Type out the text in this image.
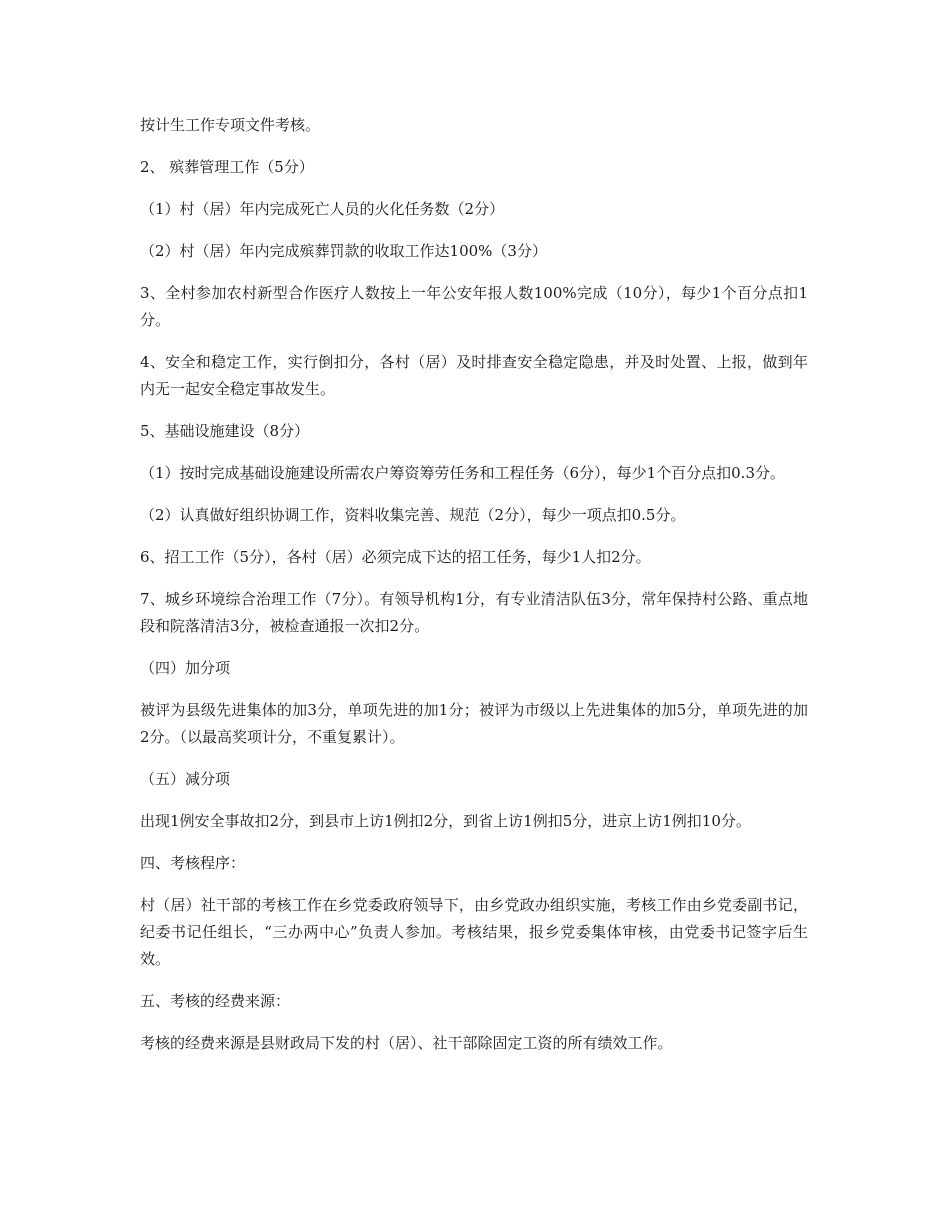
按计生工作专项文件考核。

2、 殡葬管理工作（5分）

（1）村（居）年内完成死亡人员的火化任务数（2分）

（2）村（居）年内完成殡葬罚款的收取工作达100%（3分）

3、全村参加农村新型合作医疗人数按上一年公安年报人数100%完成（10分），每少1个百分点扣1分。

4、安全和稳定工作，实行倒扣分，各村（居）及时排查安全稳定隐患，并及时处置、上报，做到年内无一起安全稳定事故发生。

5、基础设施建设（8分）

（1）按时完成基础设施建设所需农户筹资筹劳任务和工程任务（6分），每少1个百分点扣0.3分。

（2）认真做好组织协调工作，资料收集完善、规范（2分），每少一项点扣0.5分。

6、招工工作（5分），各村（居）必须完成下达的招工任务，每少1人扣2分。

7、城乡环境综合治理工作（7分）。有领导机构1分，有专业清洁队伍3分，常年保持村公路、重点地段和院落清洁3分，被检查通报一次扣2分。

（四）加分项

被评为县级先进集体的加3分，单项先进的加1分；被评为市级以上先进集体的加5分，单项先进的加2分。（以最高奖项计分，不重复累计）。

（五）减分项

出现1例安全事故扣2分，到县市上访1例扣2分，到省上访1例扣5分，进京上访1例扣10分。

四、考核程序：

村（居）社干部的考核工作在乡党委政府领导下，由乡党政办组织实施，考核工作由乡党委副书记，纪委书记任组长，“三办两中心”负责人参加。考核结果，报乡党委集体审核，由党委书记签字后生效。

五、考核的经费来源：

考核的经费来源是县财政局下发的村（居）、社干部除固定工资的所有绩效工作。
